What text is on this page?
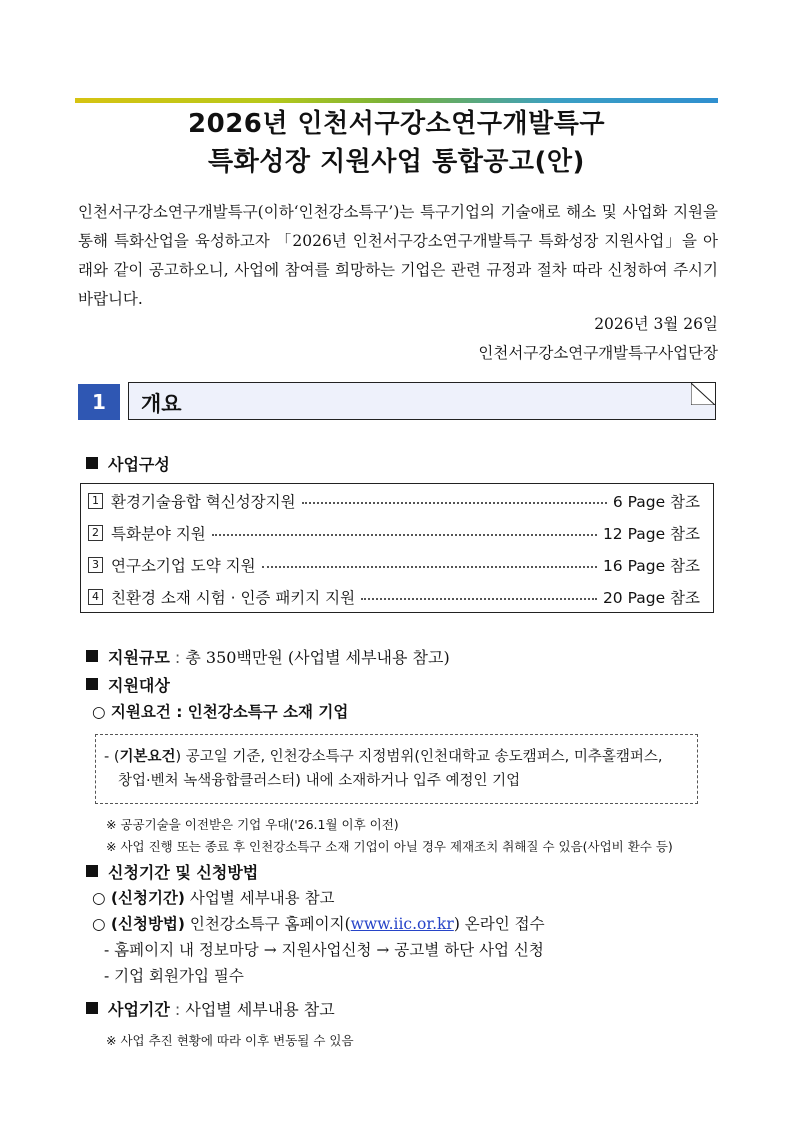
2026년 인천서구강소연구개발특구
특화성장 지원사업 통합공고(안)
인천서구강소연구개발특구(이하‘인천강소특구’)는 특구기업의 기술애로 해소 및 사업화 지원을 통해 특화산업을 육성하고자 「2026년 인천서구강소연구개발특구 특화성장 지원사업」을 아래와 같이 공고하오니, 사업에 참여를 희망하는 기업은 관련 규정과 절차 따라 신청하여 주시기 바랍니다.
2026년 3월 26일
인천서구강소연구개발특구사업단장
1	개요
사업구성
1 환경기술융합 혁신성장지원	6 Page 참조
2 특화분야 지원	12 Page 참조
3 연구소기업 도약 지원	16 Page 참조
4 친환경 소재 시험 · 인증 패키지 지원	20 Page 참조
지원규모 : 총 350백만원 (사업별 세부내용 참고)
지원대상
○ 지원요건 : 인천강소특구 소재 기업
- (기본요건) 공고일 기준, 인천강소특구 지정범위(인천대학교 송도캠퍼스, 미추홀캠퍼스,
창업·벤처 녹색융합클러스터) 내에 소재하거나 입주 예정인 기업
※ 공공기술을 이전받은 기업 우대('26.1월 이후 이전)
※ 사업 진행 또는 종료 후 인천강소특구 소재 기업이 아닐 경우 제재조치 취해질 수 있음(사업비 환수 등)
신청기간 및 신청방법
○ (신청기간) 사업별 세부내용 참고
○ (신청방법) 인천강소특구 홈페이지(www.iic.or.kr) 온라인 접수
- 홈페이지 내 정보마당 → 지원사업신청 → 공고별 하단 사업 신청
- 기업 회원가입 필수
사업기간 : 사업별 세부내용 참고
※ 사업 추진 현황에 따라 이후 변동될 수 있음
